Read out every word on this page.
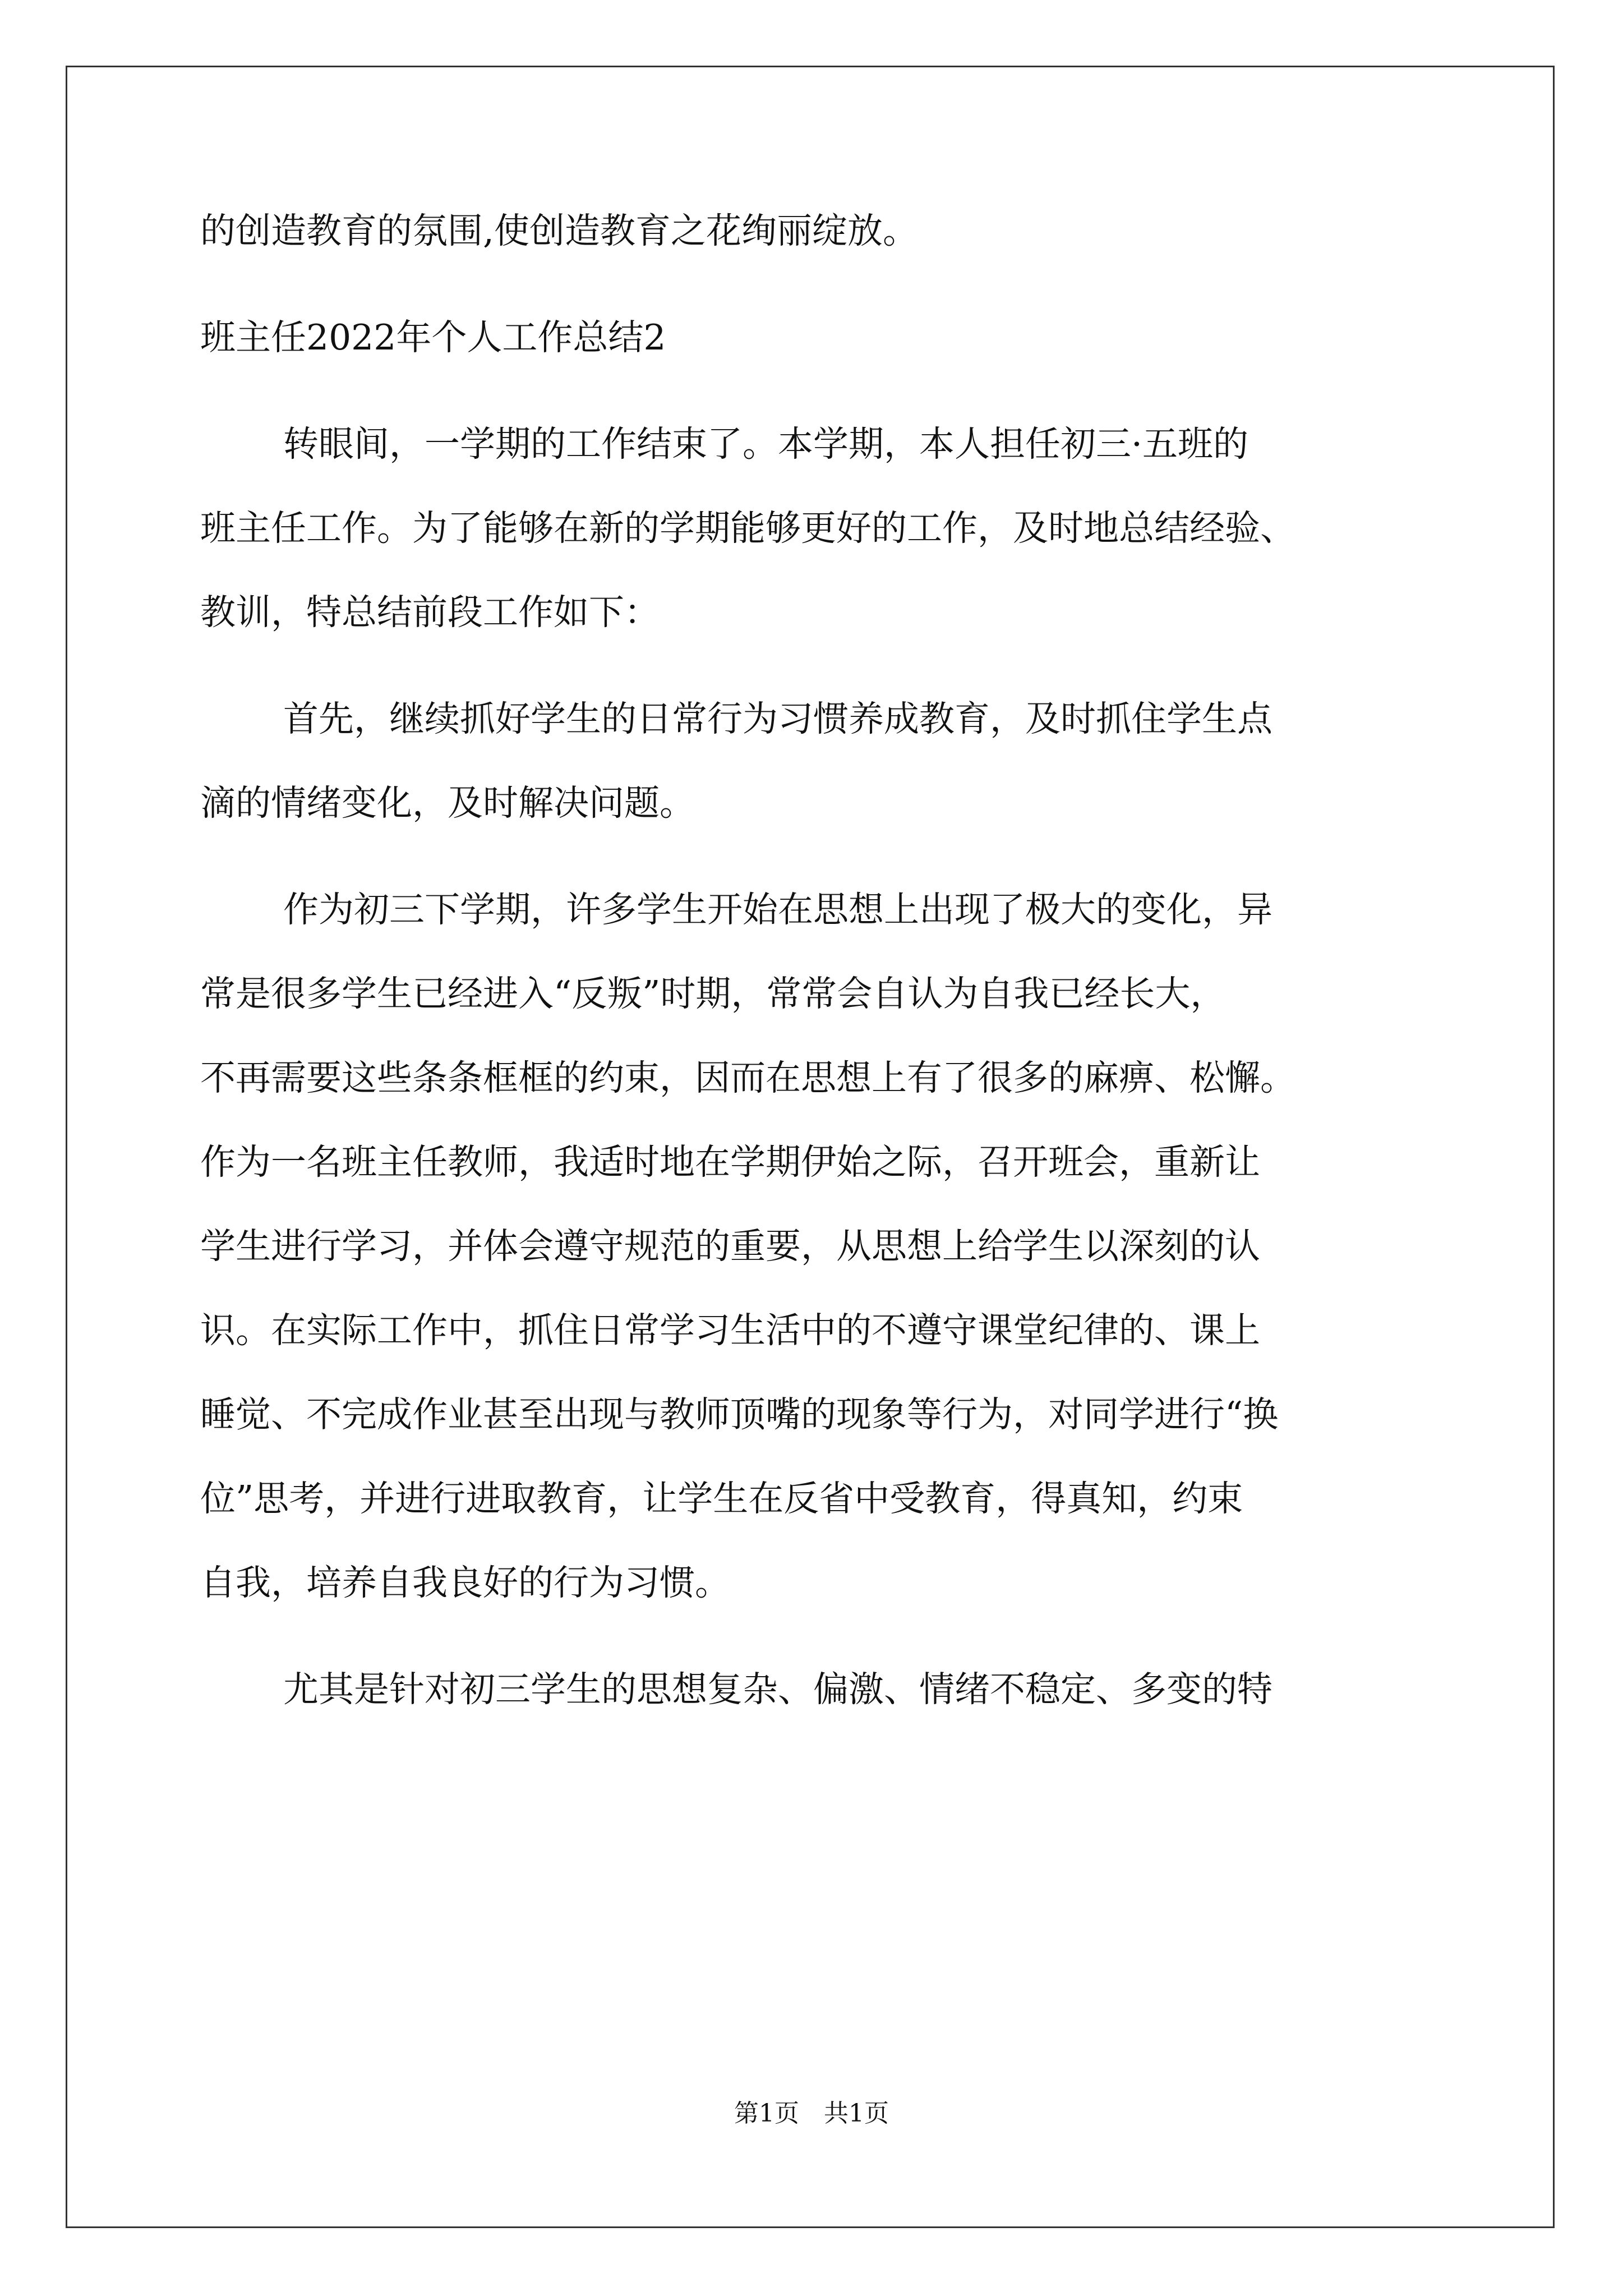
的创造教育的氛围,使创造教育之花绚丽绽放。
班主任2022年个人工作总结2
转眼间，一学期的工作结束了。本学期，本人担任初三·五班的
班主任工作。为了能够在新的学期能够更好的工作，及时地总结经验、
教训，特总结前段工作如下：
首先，继续抓好学生的日常行为习惯养成教育，及时抓住学生点
滴的情绪变化，及时解决问题。
作为初三下学期，许多学生开始在思想上出现了极大的变化，异
常是很多学生已经进入“反叛”时期，常常会自认为自我已经长大，
不再需要这些条条框框的约束，因而在思想上有了很多的麻痹、松懈。
作为一名班主任教师，我适时地在学期伊始之际，召开班会，重新让
学生进行学习，并体会遵守规范的重要，从思想上给学生以深刻的认
识。在实际工作中，抓住日常学习生活中的不遵守课堂纪律的、课上
睡觉、不完成作业甚至出现与教师顶嘴的现象等行为，对同学进行“换
位”思考，并进行进取教育，让学生在反省中受教育，得真知，约束
自我，培养自我良好的行为习惯。
尤其是针对初三学生的思想复杂、偏激、情绪不稳定、多变的特
第1页　共1页
